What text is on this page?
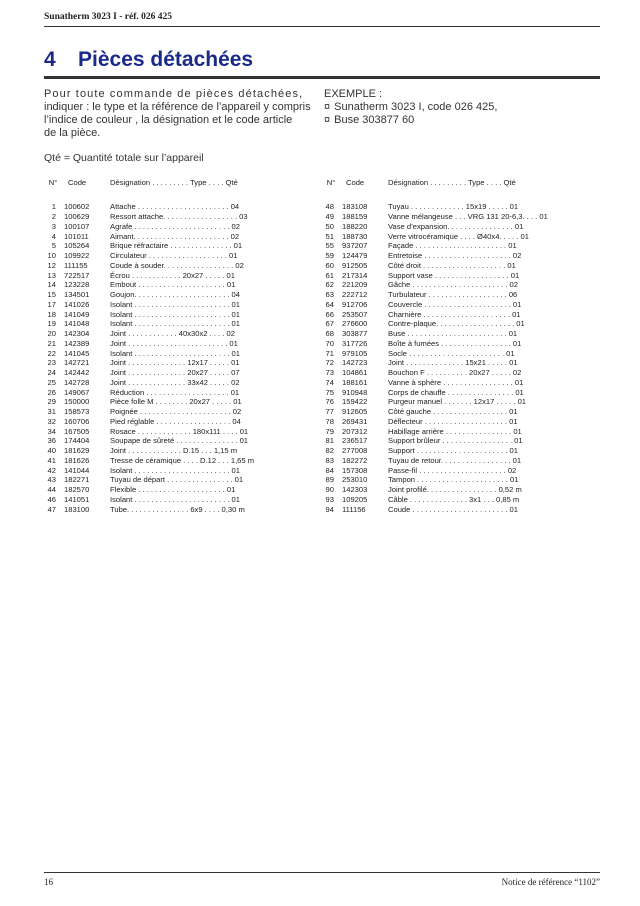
Sunatherm 3023 I - réf. 026 425
4 Pièces détachées

Pour toute commande de pièces détachées,

indiquer : le type et la référence de l’appareil y compris

l’indice de couleur , la désignation et le code article

de la pièce.

EXEMPLE :
¤ Sunatherm 3023 I, code 026 425,
¤ Buse 303877 60
Qté = Quantité totale sur l’appareil
N°	Code	Désignation . . . . . . . . . Type . . . . Qté
1	100602	Attache . . . . . . . . . . . . . . . . . . . . . . 04
2	100629	Ressort attache. . . . . . . . . . . . . . . . . . 03
3	100107	Agrafe . . . . . . . . . . . . . . . . . . . . . . . 02
4	101011	Aimant. . . . . . . . . . . . . . . . . . . . . . . 02
5	105264	Brique réfractaire . . . . . . . . . . . . . . . 01
10	109922	Circulateur . . . . . . . . . . . . . . . . . . . 01
12	111155	Coude à souder. . . . . . . . . . . . . . . . . 02
13	722517	Écrou . . . . . . . . . . . . 20x27 . . . . . 01
14	123228	Embout . . . . . . . . . . . . . . . . . . . . . 01
15	134501	Goujon. . . . . . . . . . . . . . . . . . . . . . . 04
17	141026	Isolant . . . . . . . . . . . . . . . . . . . . . . . 01
18	141049	Isolant . . . . . . . . . . . . . . . . . . . . . . . 01
19	141048	Isolant . . . . . . . . . . . . . . . . . . . . . . . 01
20	142304	Joint . . . . . . . . . . . . 40x30x2 . . . . 02
21	142389	Joint . . . . . . . . . . . . . . . . . . . . . . . . 01
22	141045	Isolant . . . . . . . . . . . . . . . . . . . . . . . 01
23	142721	Joint . . . . . . . . . . . . . . 12x17 . . . . . 01
24	142442	Joint . . . . . . . . . . . . . . 20x27 . . . . . 07
25	142728	Joint . . . . . . . . . . . . . . 33x42 . . . . . 02
26	149067	Réduction . . . . . . . . . . . . . . . . . . . . 01
29	150000	Pièce folle M . . . . . . . . 20x27 . . . . . 01
31	158573	Poignée . . . . . . . . . . . . . . . . . . . . . . 02
32	160706	Pied réglable . . . . . . . . . . . . . . . . . . 04
34	167505	Rosace . . . . . . . . . . . . . 180x111 . . . . 01
36	174404	Soupape de sûreté . . . . . . . . . . . . . . . 01
40	181629	Joint . . . . . . . . . . . . . D.15 . . . 1,15 m
41	181626	Tresse de céramique . . . . D.12 . . . 1,65 m
42	141044	Isolant . . . . . . . . . . . . . . . . . . . . . . . 01
43	182271	Tuyau de départ . . . . . . . . . . . . . . . . 01
44	182570	Flexible . . . . . . . . . . . . . . . . . . . . . 01
46	141051	Isolant . . . . . . . . . . . . . . . . . . . . . . . 01
47	183100	Tube. . . . . . . . . . . . . . . 6x9 . . . . 0,30 m
N°	Code	Désignation . . . . . . . . . Type . . . . Qté
48	183108	Tuyau . . . . . . . . . . . . . 15x19 . . . . . 01
49	188159	Vanne mélangeuse . . . VRG 131 20-6,3. . . . 01
50	188220	Vase d’expansion. . . . . . . . . . . . . . . . 01
51	188730	Verre vitrocéramique . . . . Ø40x4. . . . . 01
55	937207	Façade . . . . . . . . . . . . . . . . . . . . . . 01
59	124479	Entretoise . . . . . . . . . . . . . . . . . . . . . 02
60	912505	Côté droit . . . . . . . . . . . . . . . . . . . . 01
61	217314	Support vase . . . . . . . . . . . . . . . . . . 01
62	221209	Gâche . . . . . . . . . . . . . . . . . . . . . . . 02
63	222712	Turbulateur . . . . . . . . . . . . . . . . . . . 06
64	912706	Couvercle . . . . . . . . . . . . . . . . . . . . . 01
66	253507	Charnière . . . . . . . . . . . . . . . . . . . . . 01
67	276600	Contre-plaque. . . . . . . . . . . . . . . . . . . 01
68	303877	Buse . . . . . . . . . . . . . . . . . . . . . . . . 01
70	317726	Boîte à fumées . . . . . . . . . . . . . . . . . 01
71	979105	Socle . . . . . . . . . . . . . . . . . . . . . . . 01
72	142723	Joint . . . . . . . . . . . . . . 15x21 . . . . . 01
73	104861	Bouchon F . . . . . . . . . . 20x27 . . . . . 02
74	188161	Vanne à sphère . . . . . . . . . . . . . . . . . 01
75	910948	Corps de chauffe . . . . . . . . . . . . . . . . 01
76	159422	Purgeur manuel . . . . . . . 12x17 . . . . . 01
77	912605	Côté gauche . . . . . . . . . . . . . . . . . . 01
78	269431	Déflecteur . . . . . . . . . . . . . . . . . . . . 01
79	207312	Habillage arrière . . . . . . . . . . . . . . . . 01
81	236517	Support brûleur . . . . . . . . . . . . . . . . . 01
82	277008	Support . . . . . . . . . . . . . . . . . . . . . . 01
83	182272	Tuyau de retour. . . . . . . . . . . . . . . . . 01
84	157308	Passe-fil . . . . . . . . . . . . . . . . . . . . . 02
89	253010	Tampon . . . . . . . . . . . . . . . . . . . . . . 01
90	142303	Joint profilé. . . . . . . . . . . . . . . . . 0,52 m
93	109205	Câble . . . . . . . . . . . . . . 3x1 . . . 0,85 m
94	111156	Coude . . . . . . . . . . . . . . . . . . . . . . . 01
16	Notice de référence “1102”
